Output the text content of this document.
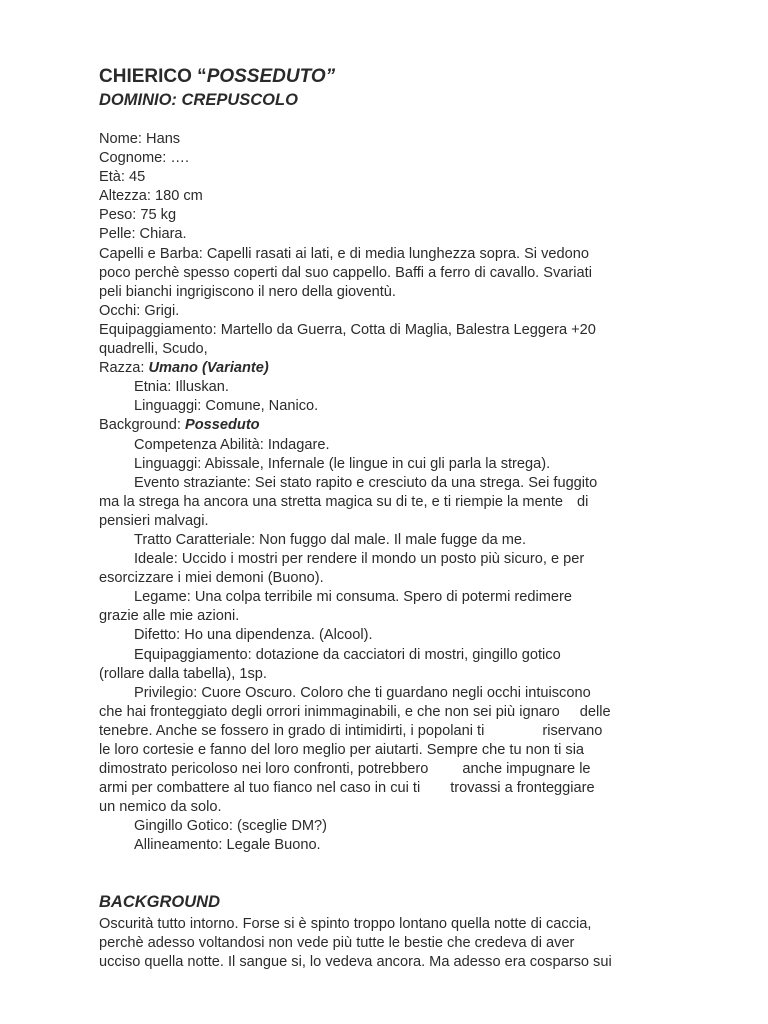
CHIERICO “POSSEDUTO”
DOMINIO: CREPUSCOLO
Nome: Hans
Cognome: ….
Età: 45
Altezza: 180 cm
Peso: 75 kg
Pelle: Chiara.
Capelli e Barba: Capelli rasati ai lati, e di media lunghezza sopra. Si vedono
poco perchè spesso coperti dal suo cappello. Baffi a ferro di cavallo. Svariati
peli bianchi ingrigiscono il nero della gioventù.
Occhi: Grigi.
Equipaggiamento: Martello da Guerra, Cotta di Maglia, Balestra Leggera +20
quadrelli, Scudo,
Razza: Umano (Variante)
Etnia: Illuskan.
Linguaggi: Comune, Nanico.
Background: Posseduto
Competenza Abilità: Indagare.
Linguaggi: Abissale, Infernale (le lingue in cui gli parla la strega).
Evento straziante: Sei stato rapito e cresciuto da una strega. Sei fuggito
ma la strega ha ancora una stretta magica su di te, e ti riempie la mente di
pensieri malvagi.
Tratto Caratteriale: Non fuggo dal male. Il male fugge da me.
Ideale: Uccido i mostri per rendere il mondo un posto più sicuro, e per
esorcizzare i miei demoni (Buono).
Legame: Una colpa terribile mi consuma. Spero di potermi redimere
grazie alle mie azioni.
Difetto: Ho una dipendenza. (Alcool).
Equipaggiamento: dotazione da cacciatori di mostri, gingillo gotico
(rollare dalla tabella), 1sp.
Privilegio: Cuore Oscuro. Coloro che ti guardano negli occhi intuiscono
che hai fronteggiato degli orrori inimmaginabili, e che non sei più ignaro delle
tenebre. Anche se fossero in grado di intimidirti, i popolani ti	riservano
le loro cortesie e fanno del loro meglio per aiutarti. Sempre che tu non ti sia
dimostrato pericoloso nei loro confronti, potrebbero anche impugnare le
armi per combattere al tuo fianco nel caso in cui ti trovassi a fronteggiare
un nemico da solo.
Gingillo Gotico: (sceglie DM?)
Allineamento: Legale Buono.
BACKGROUND
Oscurità tutto intorno. Forse si è spinto troppo lontano quella notte di caccia,
perchè adesso voltandosi non vede più tutte le bestie che credeva di aver
ucciso quella notte. Il sangue si, lo vedeva ancora. Ma adesso era cosparso sui
